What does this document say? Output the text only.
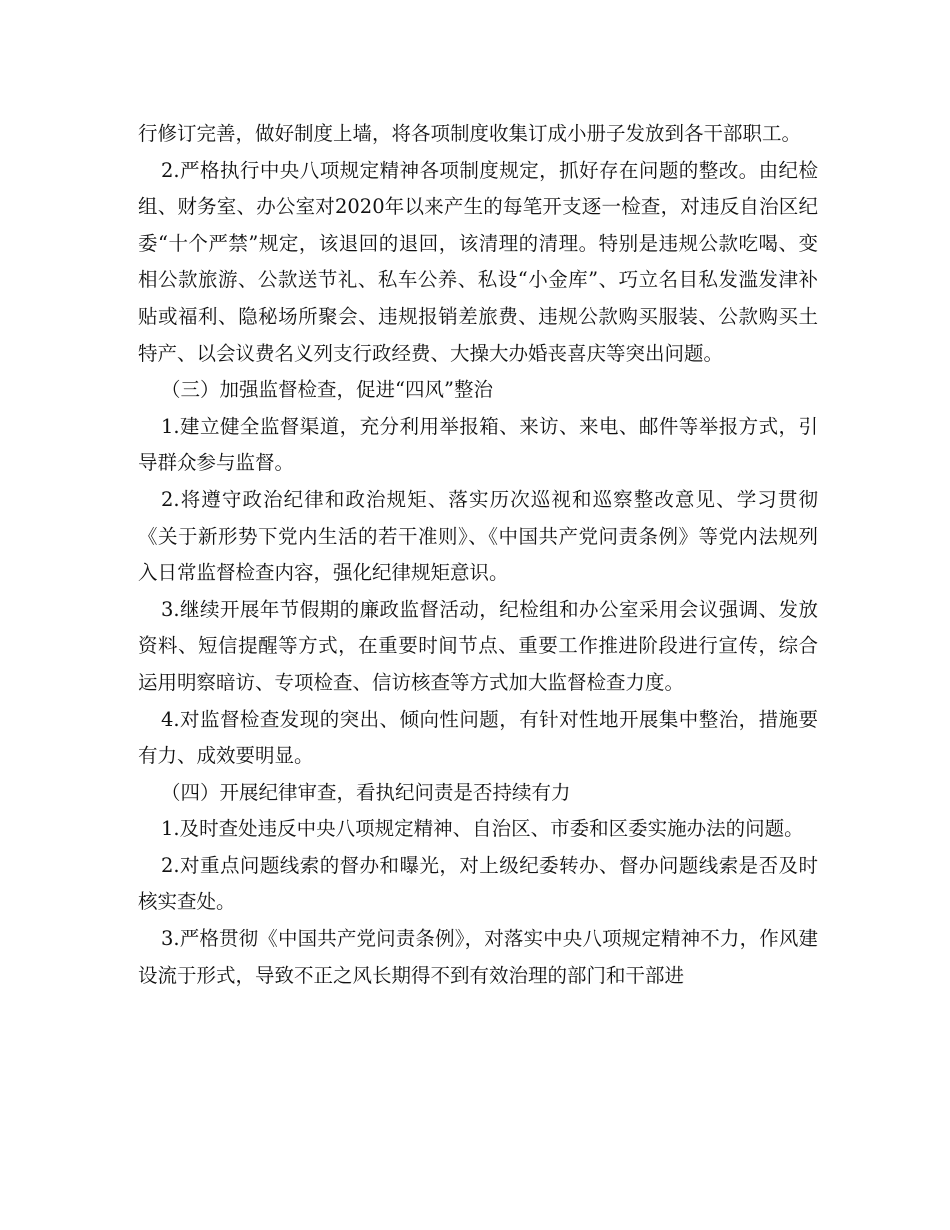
行修订完善，做好制度上墙，将各项制度收集订成小册子发放到各干部职工。

2.严格执行中央八项规定精神各项制度规定，抓好存在问题的整改。由纪检组、财务室、办公室对2020年以来产生的每笔开支逐一检查，对违反自治区纪委“十个严禁”规定，该退回的退回，该清理的清理。特别是违规公款吃喝、变相公款旅游、公款送节礼、私车公养、私设“小金库”、巧立名目私发滥发津补贴或福利、隐秘场所聚会、违规报销差旅费、违规公款购买服装、公款购买土特产、以会议费名义列支行政经费、大操大办婚丧喜庆等突出问题。

（三）加强监督检查，促进“四风”整治

1.建立健全监督渠道，充分利用举报箱、来访、来电、邮件等举报方式，引导群众参与监督。

2.将遵守政治纪律和政治规矩、落实历次巡视和巡察整改意见、学习贯彻《关于新形势下党内生活的若干准则》、《中国共产党问责条例》等党内法规列入日常监督检查内容，强化纪律规矩意识。

3.继续开展年节假期的廉政监督活动，纪检组和办公室采用会议强调、发放资料、短信提醒等方式，在重要时间节点、重要工作推进阶段进行宣传，综合运用明察暗访、专项检查、信访核查等方式加大监督检查力度。

4.对监督检查发现的突出、倾向性问题，有针对性地开展集中整治，措施要有力、成效要明显。

（四）开展纪律审查，看执纪问责是否持续有力

1.及时查处违反中央八项规定精神、自治区、市委和区委实施办法的问题。

2.对重点问题线索的督办和曝光，对上级纪委转办、督办问题线索是否及时核实查处。

3.严格贯彻《中国共产党问责条例》，对落实中央八项规定精神不力，作风建设流于形式，导致不正之风长期得不到有效治理的部门和干部进
